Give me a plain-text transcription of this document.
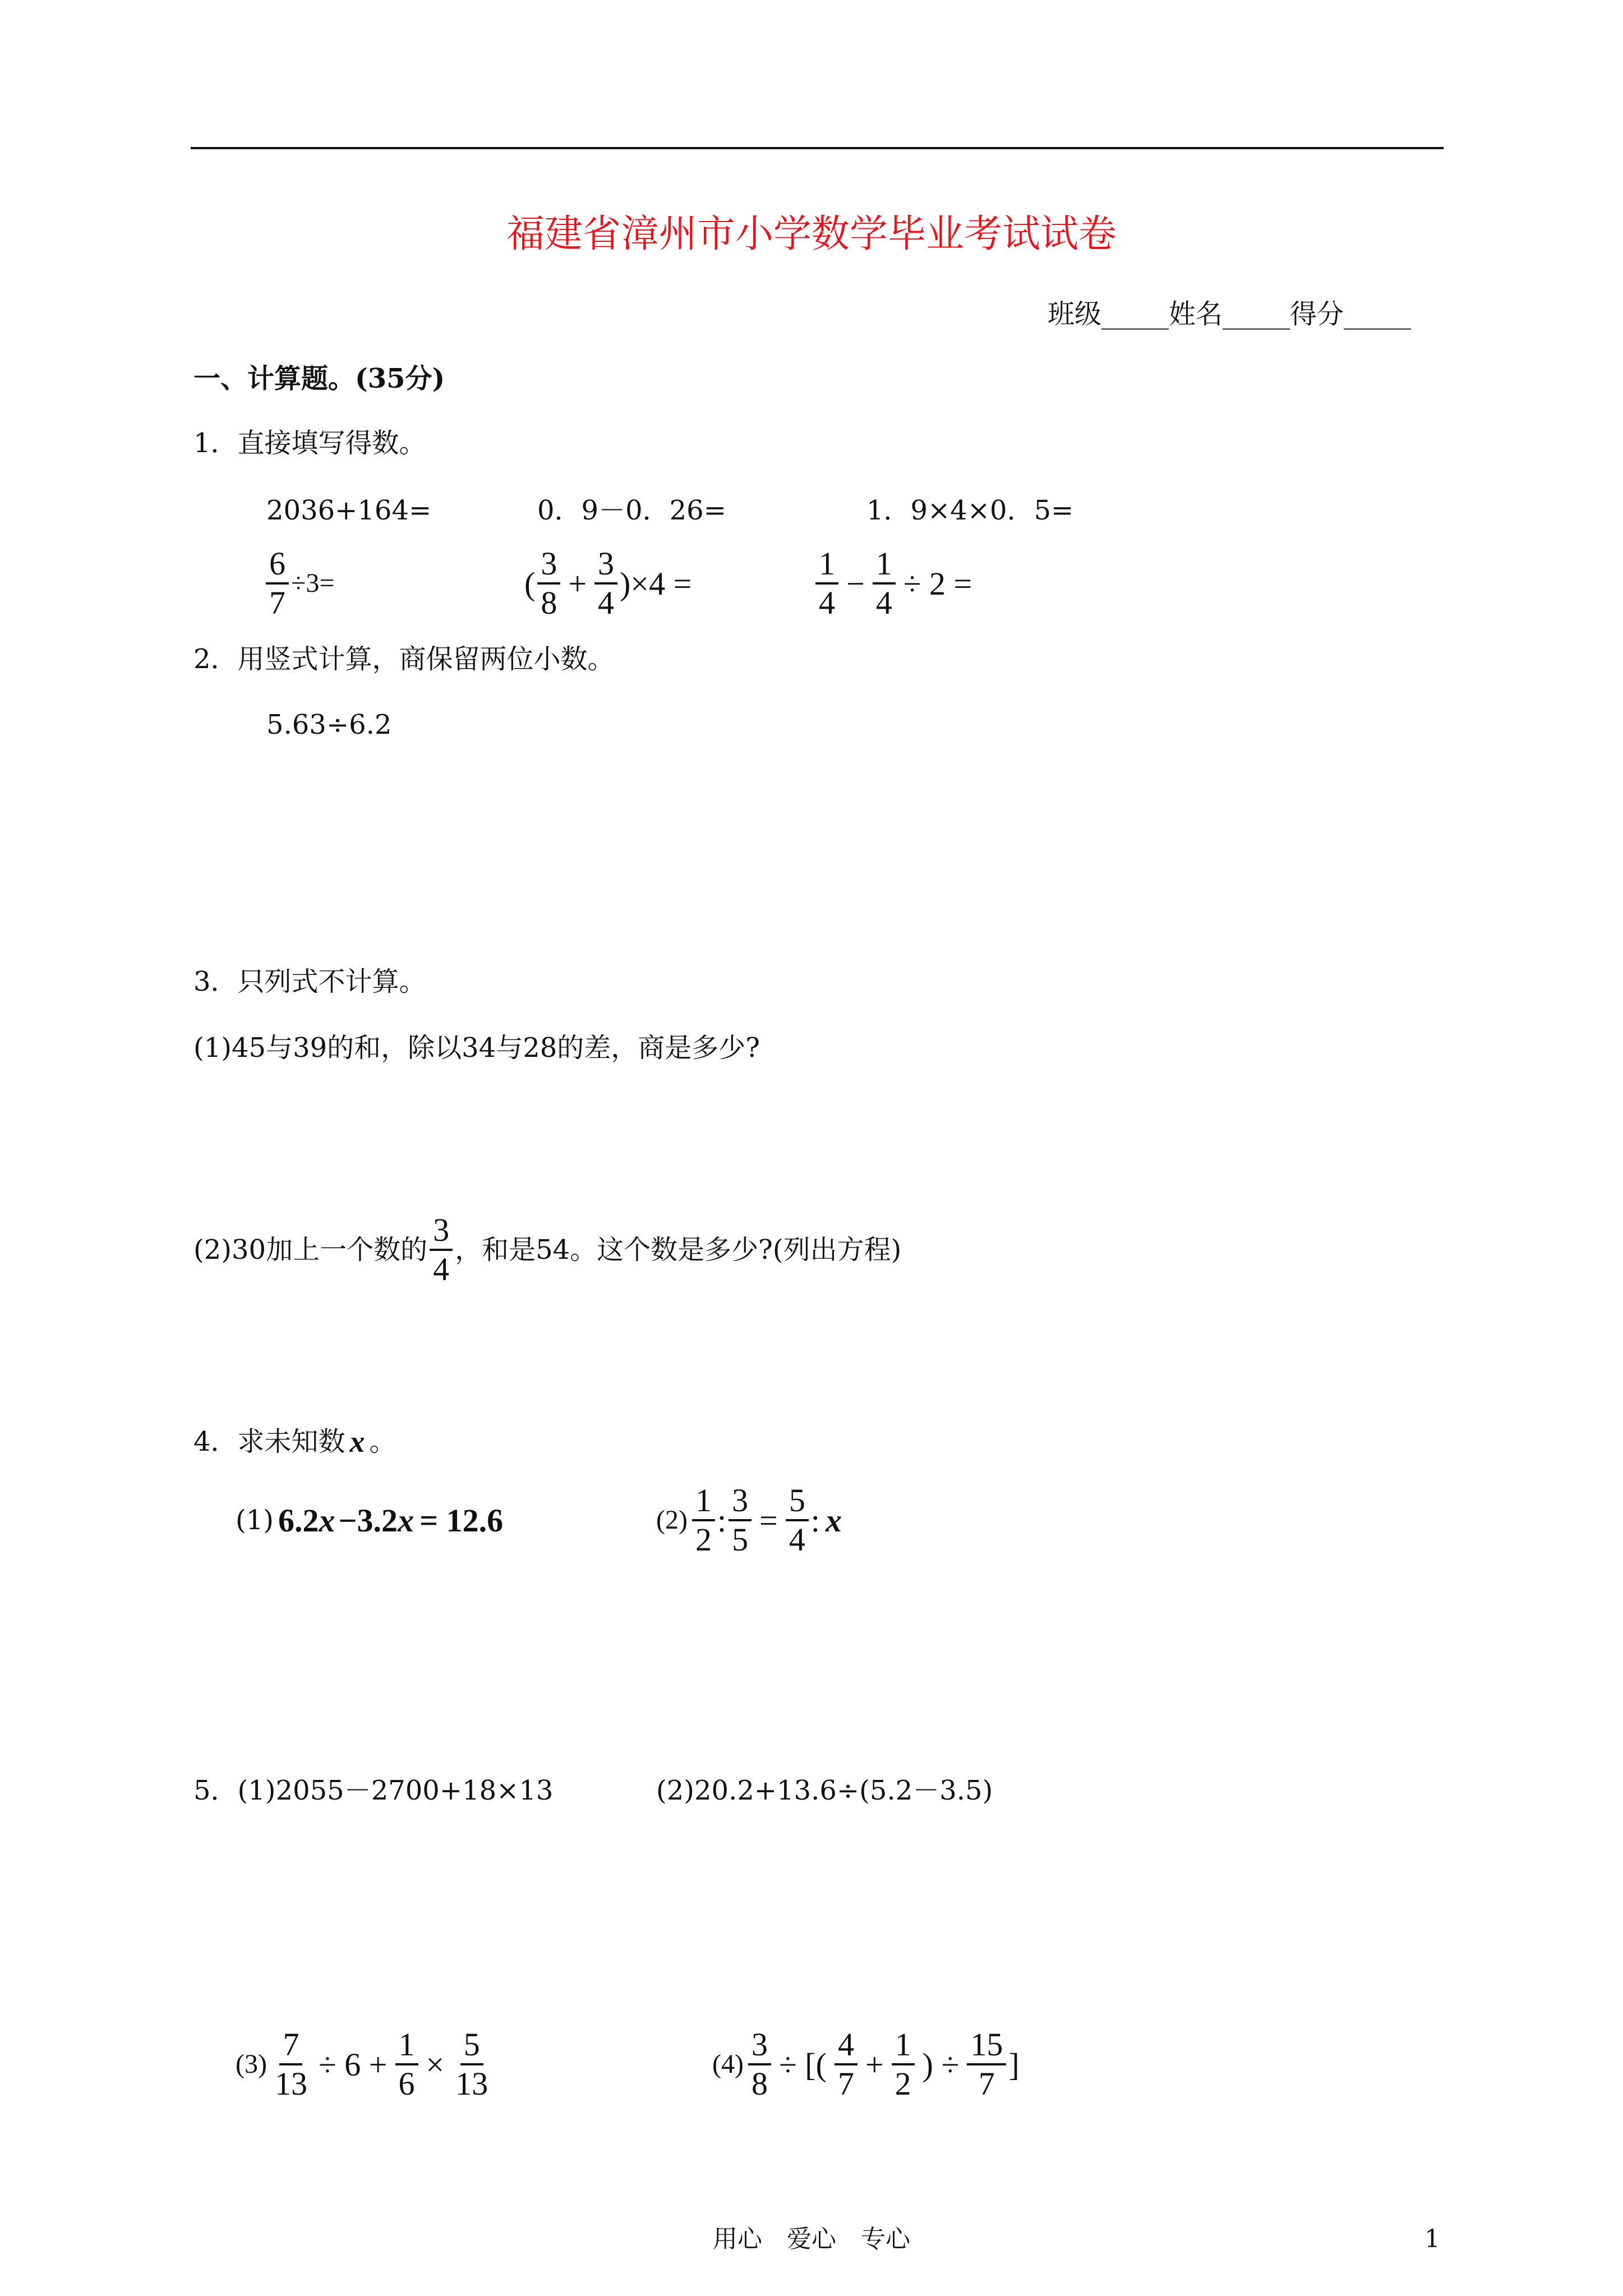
福建省漳州市小学数学毕业考试试卷
班级_____姓名_____得分_____
一、计算题。(35分)
1．直接填写得数。
2036+164=	0．9－0．26=	1．9×4×0．5=
$\frac{6}{7} \div 3=$	( $\frac{3}{8} + \frac{3}{4} )\times 4$ =	$\frac{1}{4} - \frac{1}{4} \div 2$ =
2．用竖式计算，商保留两位小数。
5.63÷6.2
3．只列式不计算。
(1)45与39的和，除以34与28的差，商是多少?
(2)30加上一个数的 $\frac{3}{4}$ ，和是54。这个数是多少?(列出方程)
4．求未知数 x 。
(1) 6.2 x −3.2 x = 12.6	$(2) \frac{1}{2}$ : $\frac{3}{5} = \frac{5}{4}$ : x
5．(1)2055－2700+18×13	(2)20.2+13.6÷(5.2－3.5)
$(3) \frac{7}{13} \div 6 + \frac{1}{6} \times \frac{5}{13}$	$(4) \frac{3}{8}$ ÷ [( $\frac{4}{7} + \frac{1}{2}$ ) ÷ $\frac{15}{7}$ ]
用心　爱心　专心	1
